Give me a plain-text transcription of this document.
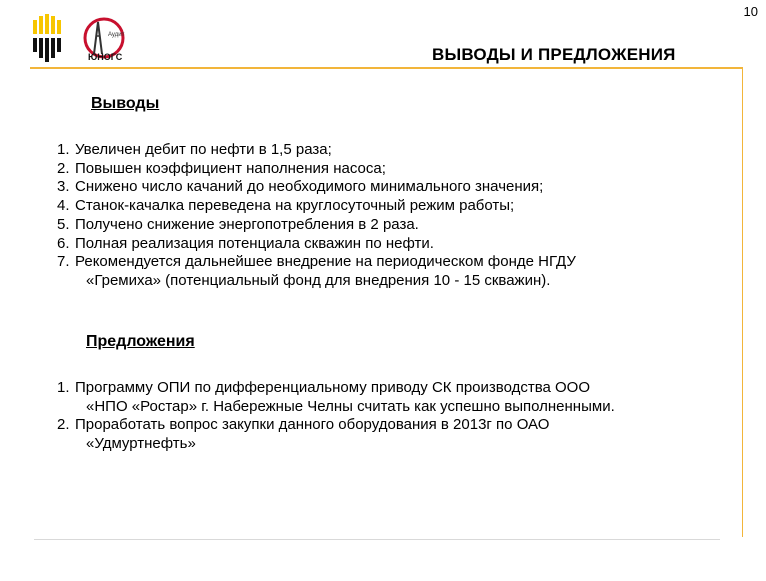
10
Аудит
ЮНОГС	ВЫВОДЫ И ПРЕДЛОЖЕНИЯ
Выводы
1. Увеличен дебит по нефти в 1,5 раза;
2. Повышен коэффициент наполнения насоса;
3. Снижено число качаний до необходимого минимального значения;
4. Станок-качалка переведена на круглосуточный режим работы;
5. Получено снижение энергопотребления в 2 раза.
6. Полная реализация потенциала скважин по нефти.
7. Рекомендуется дальнейшее внедрение на периодическом фонде НГДУ
«Гремиха» (потенциальный фонд для внедрения 10 - 15 скважин).
Предложения
1. Программу ОПИ по дифференциальному приводу СК производства ООО
«НПО «Ростар» г. Набережные Челны считать как успешно выполненными.
2. Проработать вопрос закупки данного оборудования в 2013г по ОАО
«Удмуртнефть»
